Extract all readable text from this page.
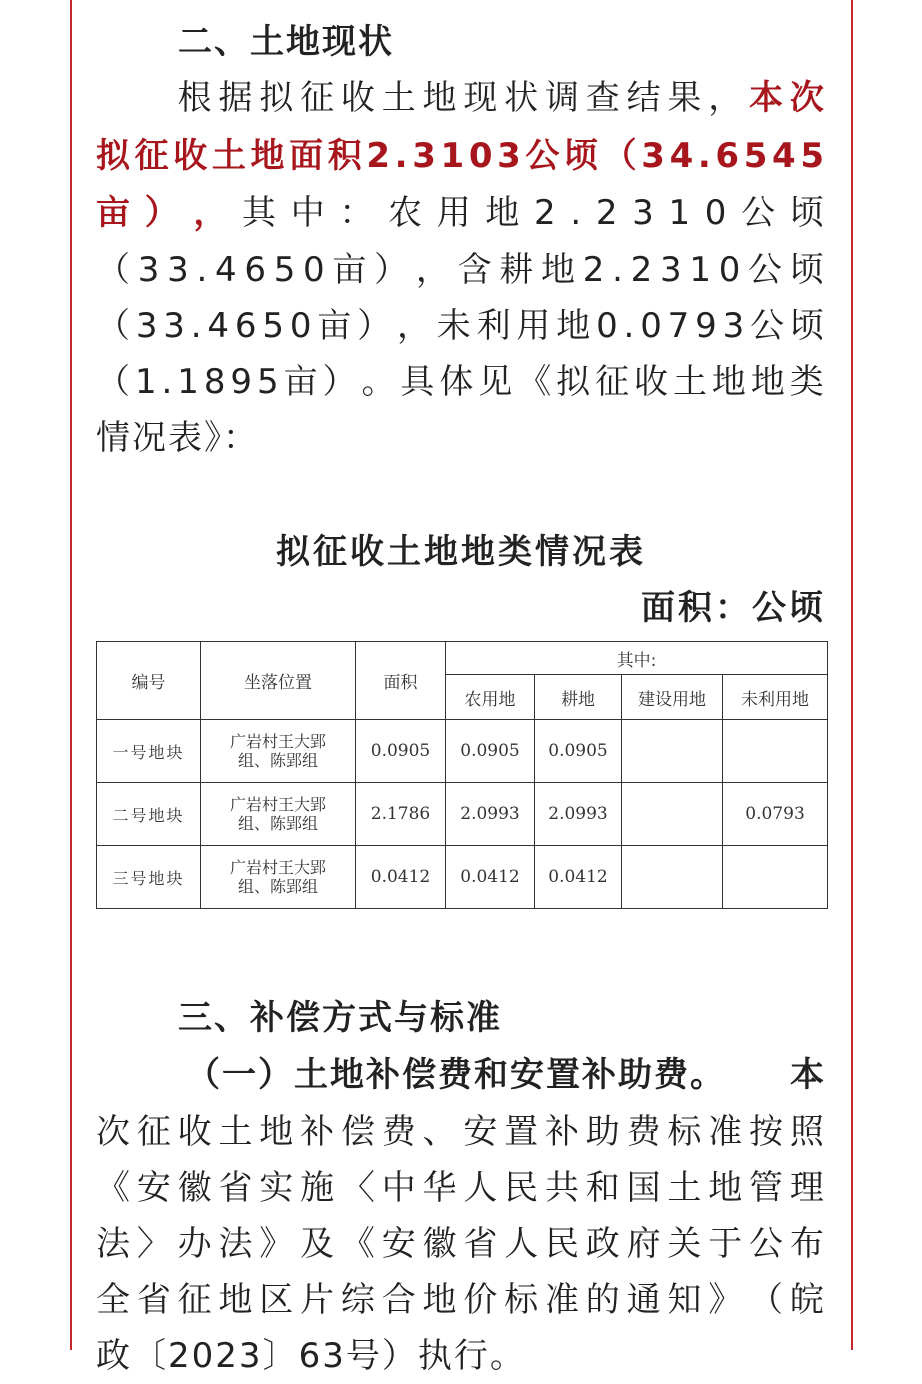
二、土地现状

根 据 拟 征 收 土 地 现 状 调 查 结 果 ， 本 次
拟 征 收 土 地 面 积 2 . 3 1 0 3 公 顷 （ 3 4 . 6 5 4 5
亩 ） ， 其 中 ： 农 用 地 2 . 2 3 1 0 公 顷
（ 3 3 . 4 6 5 0 亩 ） ， 含 耕 地 2 . 2 3 1 0 公 顷
（ 3 3 . 4 6 5 0 亩 ） ， 未 利 用 地 0 . 0 7 9 3 公 顷
（ 1 . 1 8 9 5 亩 ） 。 具 体 见 《 拟 征 收 土 地 地 类
情况表》：
拟征收土地地类情况表
面积：公顷
编号	坐落位置	面积	其中:			
			农用地	耕地	建设用地	未利用地
一号地块	广岩村王大郢
组、陈郢组	0.0905	0.0905	0.0905		
二号地块	广岩村王大郢
组、陈郢组	2.1786	2.0993	2.0993		0.0793
三号地块	广岩村王大郢
组、陈郢组	0.0412	0.0412	0.0412		
三、补偿方式与标准
（一）土地补偿费和安置补助费。 本
次 征 收 土 地 补 偿 费 、 安 置 补 助 费 标 准 按 照
《 安 徽 省 实 施 〈 中 华 人 民 共 和 国 土 地 管 理
法 〉 办 法 》 及 《 安 徽 省 人 民 政 府 关 于 公 布
全 省 征 地 区 片 综 合 地 价 标 准 的 通 知 》 （ 皖
政〔2023〕63号）执行。
